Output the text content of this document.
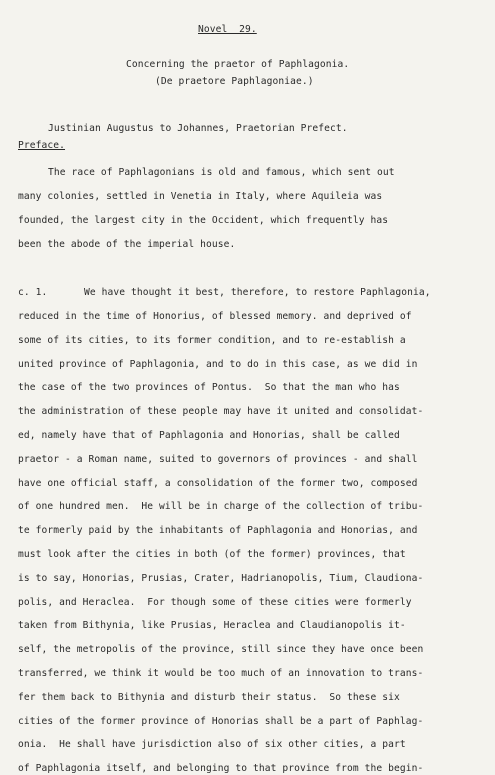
Novel  29.
Concerning the praetor of Paphlagonia.
(De praetore Paphlagoniae.)
Justinian Augustus to Johannes, Praetorian Prefect.
Preface.
The race of Paphlagonians is old and famous, which sent out
many colonies, settled in Venetia in Italy, where Aquileia was
founded, the largest city in the Occident, which frequently has
been the abode of the imperial house.
c. 1.	We have thought it best, therefore, to restore Paphlagonia,
reduced in the time of Honorius, of blessed memory. and deprived of
some of its cities, to its former condition, and to re-establish a
united province of Paphlagonia, and to do in this case, as we did in
the case of the two provinces of Pontus.  So that the man who has
the administration of these people may have it united and consolidat-
ed, namely have that of Paphlagonia and Honorias, shall be called
praetor - a Roman name, suited to governors of provinces - and shall
have one official staff, a consolidation of the former two, composed
of one hundred men.  He will be in charge of the collection of tribu-
te formerly paid by the inhabitants of Paphlagonia and Honorias, and
must look after the cities in both (of the former) provinces, that
is to say, Honorias, Prusias, Crater, Hadrianopolis, Tium, Claudiona-
polis, and Heraclea.  For though some of these cities were formerly
taken from Bithynia, like Prusias, Heraclea and Claudianopolis it-
self, the metropolis of the province, still since they have once been
transferred, we think it would be too much of an innovation to trans-
fer them back to Bithynia and disturb their status.  So these six
cities of the former province of Honorias shall be a part of Paphlag-
onia.  He shall have jurisdiction also of six other cities, a part
of Paphlagonia itself, and belonging to that province from the begin-
